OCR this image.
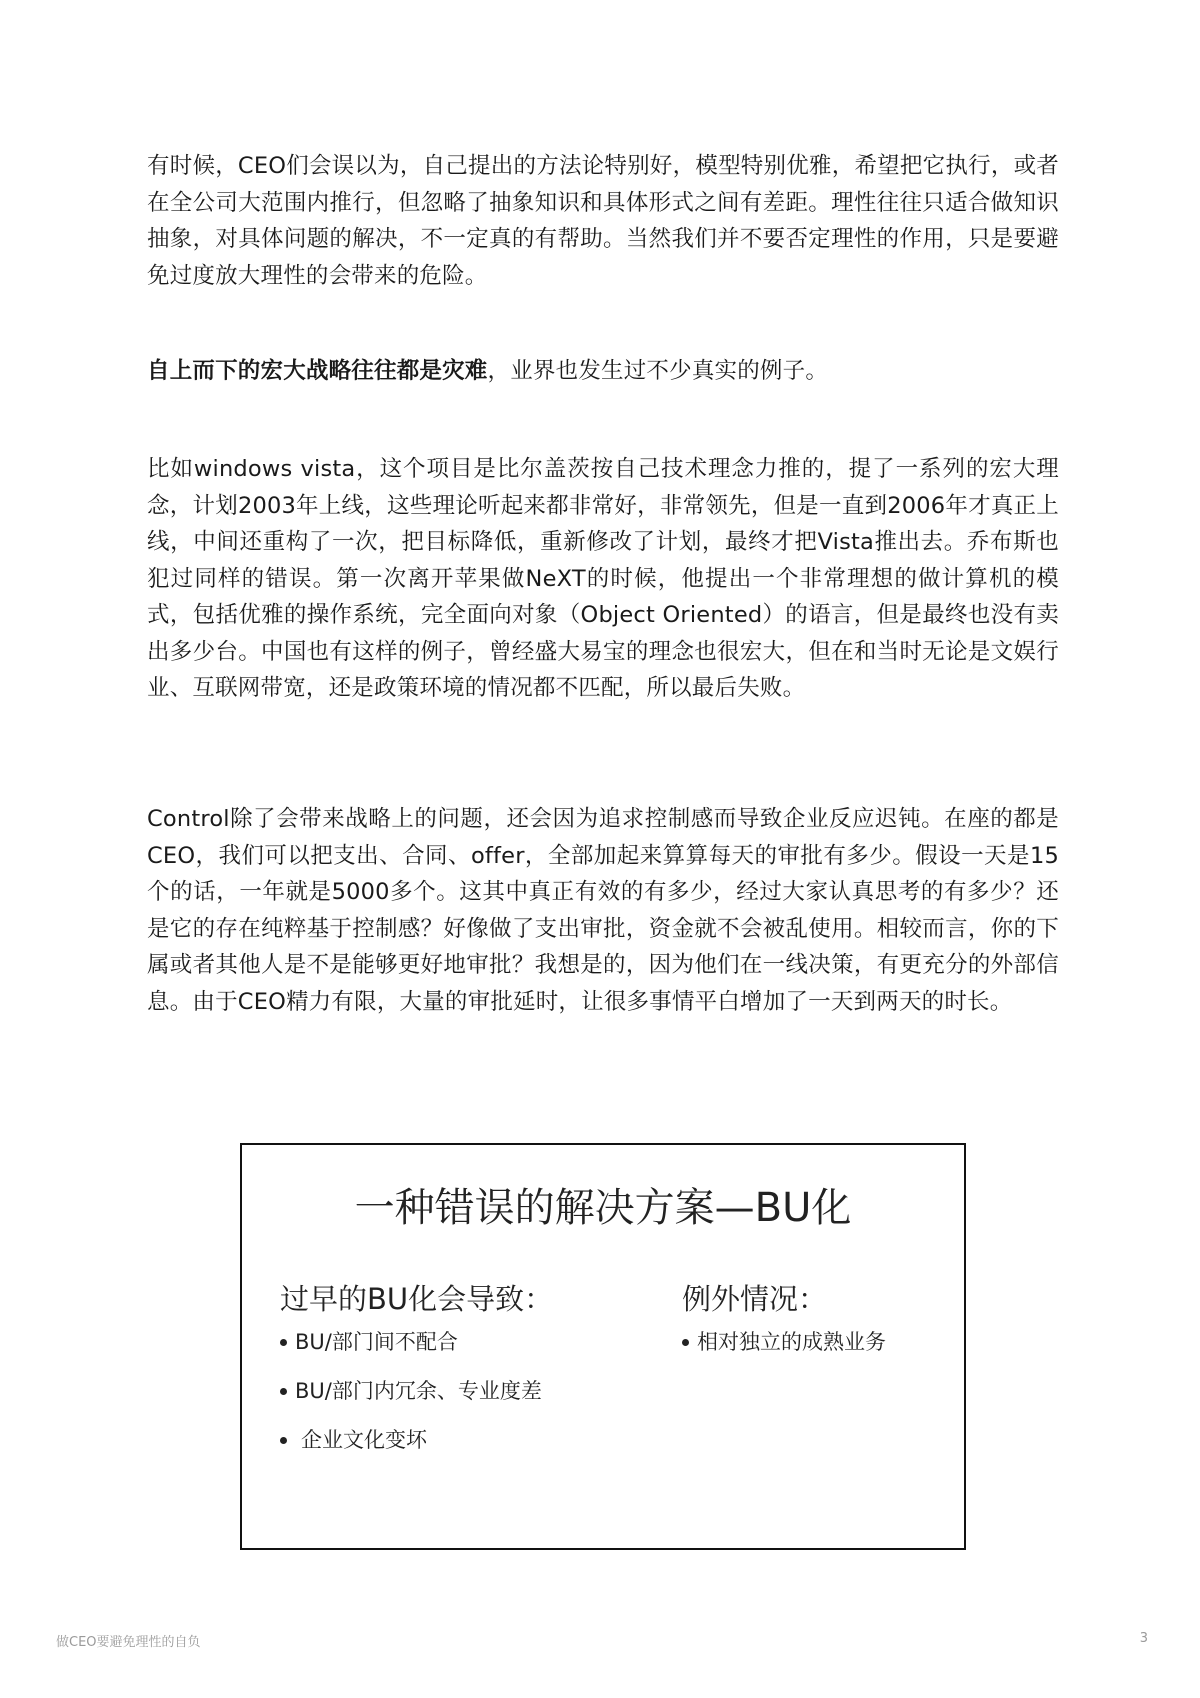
有时候，CEO们会误以为，自己提出的方法论特别好，模型特别优雅，希望把它执行，或者在全公司大范围内推行，但忽略了抽象知识和具体形式之间有差距。理性往往只适合做知识抽象，对具体问题的解决，不一定真的有帮助。当然我们并不要否定理性的作用，只是要避免过度放大理性的会带来的危险。

自上而下的宏大战略往往都是灾难，业界也发生过不少真实的例子。

比如windows vista，这个项目是比尔盖茨按自己技术理念力推的，提了一系列的宏大理念，计划2003年上线，这些理论听起来都非常好，非常领先，但是一直到2006年才真正上线，中间还重构了一次，把目标降低，重新修改了计划，最终才把Vista推出去。乔布斯也犯过同样的错误。第一次离开苹果做NeXT的时候，他提出一个非常理想的做计算机的模式，包括优雅的操作系统，完全面向对象（Object Oriented）的语言，但是最终也没有卖出多少台。中国也有这样的例子，曾经盛大易宝的理念也很宏大，但在和当时无论是文娱行业、互联网带宽，还是政策环境的情况都不匹配，所以最后失败。

Control除了会带来战略上的问题，还会因为追求控制感而导致企业反应迟钝。在座的都是CEO，我们可以把支出、合同、offer，全部加起来算算每天的审批有多少。假设一天是15个的话，一年就是5000多个。这其中真正有效的有多少，经过大家认真思考的有多少？还是它的存在纯粹基于控制感？好像做了支出审批，资金就不会被乱使用。相较而言，你的下属或者其他人是不是能够更好地审批？我想是的，因为他们在一线决策，有更充分的外部信息。由于CEO精力有限，大量的审批延时，让很多事情平白增加了一天到两天的时长。

一种错误的解决方案—BU化
过早的BU化会导致：
BU/部门间不配合
BU/部门内冗余、专业度差
企业文化变坏
例外情况：
相对独立的成熟业务
做CEO要避免理性的自负	3
